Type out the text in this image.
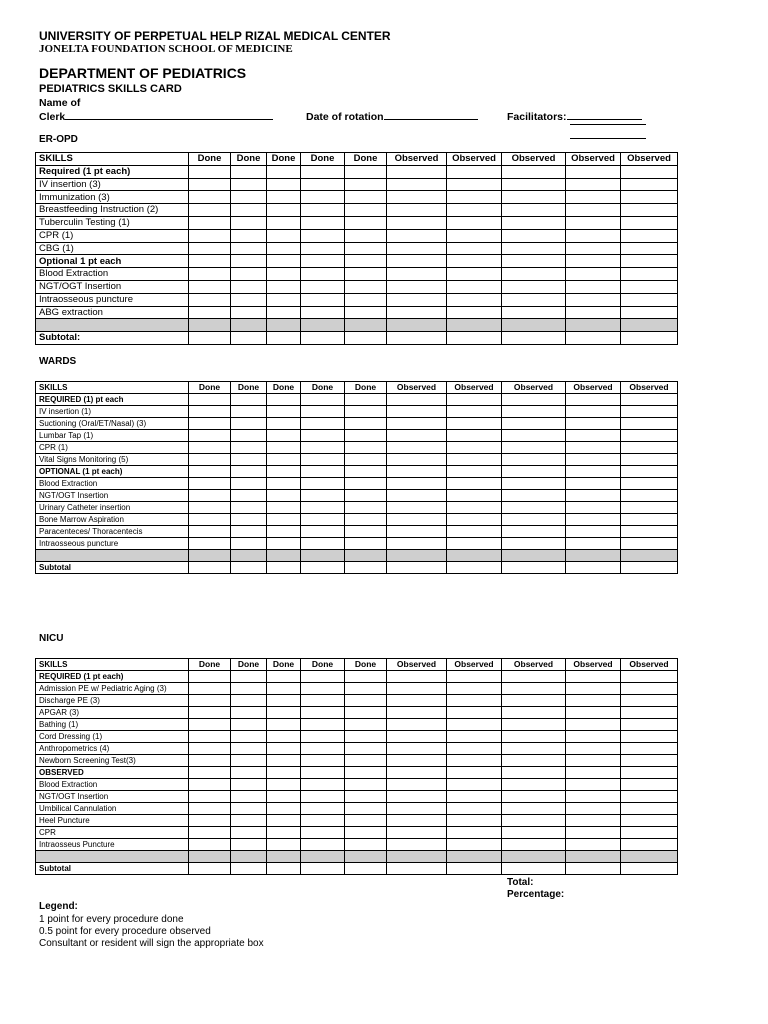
UNIVERSITY OF PERPETUAL HELP RIZAL MEDICAL CENTER
JONELTA FOUNDATION SCHOOL OF MEDICINE
DEPARTMENT OF PEDIATRICS
PEDIATRICS SKILLS CARD
Name of
Clerk	Date of rotation	Facilitators:
ER-OPD
SKILLS	Done	Done	Done	Done	Done	Observed	Observed	Observed	Observed	Observed
Required (1 pt each)										
IV insertion (3)										
Immunization (3)										
Breastfeeding Instruction (2)										
Tuberculin Testing (1)										
CPR (1)										
CBG (1)										
Optional 1 pt each										
Blood Extraction										
NGT/OGT Insertion										
Intraosseous puncture										
ABG extraction										

Subtotal:										
WARDS
SKILLS	Done	Done	Done	Done	Done	Observed	Observed	Observed	Observed	Observed
REQUIRED (1) pt each										
IV insertion (1)										
Suctioning (Oral/ET/Nasal) (3)										
Lumbar Tap (1)										
CPR (1)										
Vital Signs Monitoring (5)										
OPTIONAL (1 pt each)										
Blood Extraction										
NGT/OGT Insertion										
Urinary Catheter insertion										
Bone Marrow Aspiration										
Paracenteces/ Thoracentecis										
Intraosseous puncture										

Subtotal										
NICU
SKILLS	Done	Done	Done	Done	Done	Observed	Observed	Observed	Observed	Observed
REQUIRED (1 pt each)										
Admission PE w/ Pediatric Aging (3)										
Discharge PE (3)										
APGAR (3)										
Bathing (1)										
Cord Dressing (1)										
Anthropometrics (4)										
Newborn Screening Test(3)										
OBSERVED										
Blood Extraction										
NGT/OGT Insertion										
Umbilical Cannulation										
Heel Puncture										
CPR										
Intraosseus Puncture										

Subtotal										
Total:
Percentage:
Legend:
1 point for every procedure done
0.5 point for every procedure observed
Consultant or resident will sign the appropriate box
